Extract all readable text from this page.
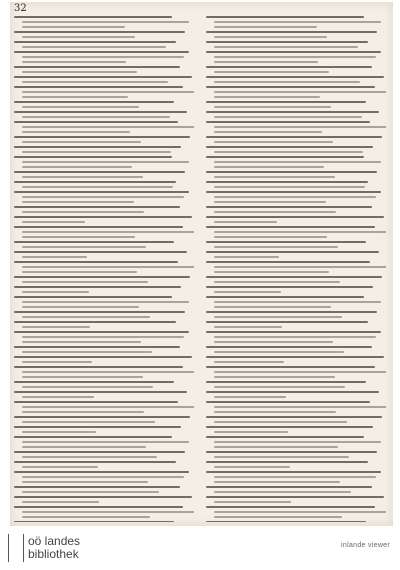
32
oö landes
bibliothek
inlande viewer
